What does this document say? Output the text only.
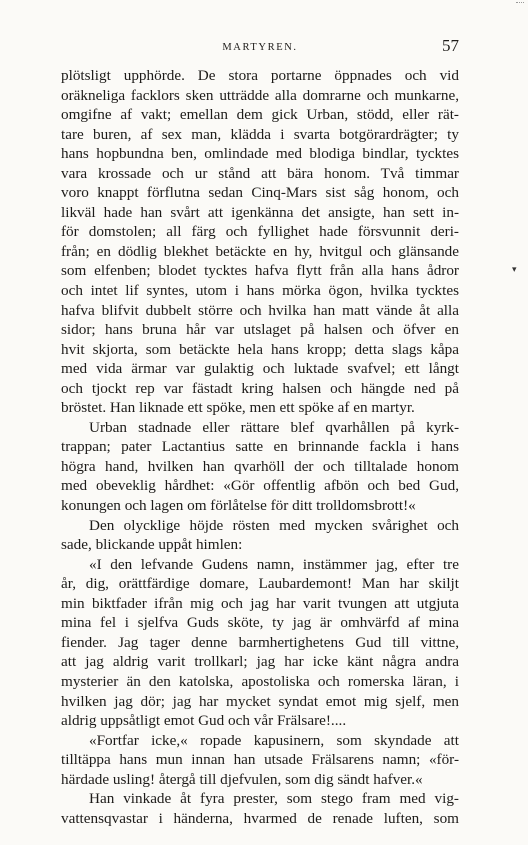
MARTYREN.	57
plötsligt upphörde. De stora portarne öppnades och vid
oräkneliga facklors sken utträdde alla domrarne och munkarne,
omgifne af vakt; emellan dem gick Urban, stödd, eller rät-
tare buren, af sex man, klädda i svarta botgörardrägter; ty
hans hopbundna ben, omlindade med blodiga bindlar, tycktes
vara krossade och ur stånd att bära honom. Två timmar
voro knappt förflutna sedan Cinq-Mars sist såg honom, och
likväl hade han svårt att igenkänna det ansigte, han sett in-
för domstolen; all färg och fyllighet hade försvunnit deri-
från; en dödlig blekhet betäckte en hy, hvitgul och glänsande
som elfenben; blodet tycktes hafva flytt från alla hans ådror
och intet lif syntes, utom i hans mörka ögon, hvilka tycktes
hafva blifvit dubbelt större och hvilka han matt vände åt alla
sidor; hans bruna hår var utslaget på halsen och öfver en
hvit skjorta, som betäckte hela hans kropp; detta slags kåpa
med vida ärmar var gulaktig och luktade svafvel; ett långt
och tjockt rep var fästadt kring halsen och hängde ned på
bröstet. Han liknade ett spöke, men ett spöke af en martyr.
Urban stadnade eller rättare blef qvarhållen på kyrk-
trappan; pater Lactantius satte en brinnande fackla i hans
högra hand, hvilken han qvarhöll der och tilltalade honom
med obeveklig hårdhet: «Gör offentlig afbön och bed Gud,
konungen och lagen om förlåtelse för ditt trolldomsbrott!«
Den olycklige höjde rösten med mycken svårighet och
sade, blickande uppåt himlen:
«I den lefvande Gudens namn, instämmer jag, efter tre
år, dig, orättfärdige domare, Laubardemont! Man har skiljt
min biktfader ifrån mig och jag har varit tvungen att utgjuta
mina fel i sjelfva Guds sköte, ty jag är omhvärfd af mina
fiender. Jag tager denne barmhertighetens Gud till vittne,
att jag aldrig varit trollkarl; jag har icke känt några andra
mysterier än den katolska, apostoliska och romerska läran, i
hvilken jag dör; jag har mycket syndat emot mig sjelf, men
aldrig uppsåtligt emot Gud och vår Frälsare!....
«Fortfar icke,« ropade kapusinern, som skyndade att
tilltäppa hans mun innan han utsade Frälsarens namn; «för-
härdade usling! återgå till djefvulen, som dig sändt hafver.«
Han vinkade åt fyra prester, som stego fram med vig-
vattensqvastar i händerna, hvarmed de renade luften, som
▾
